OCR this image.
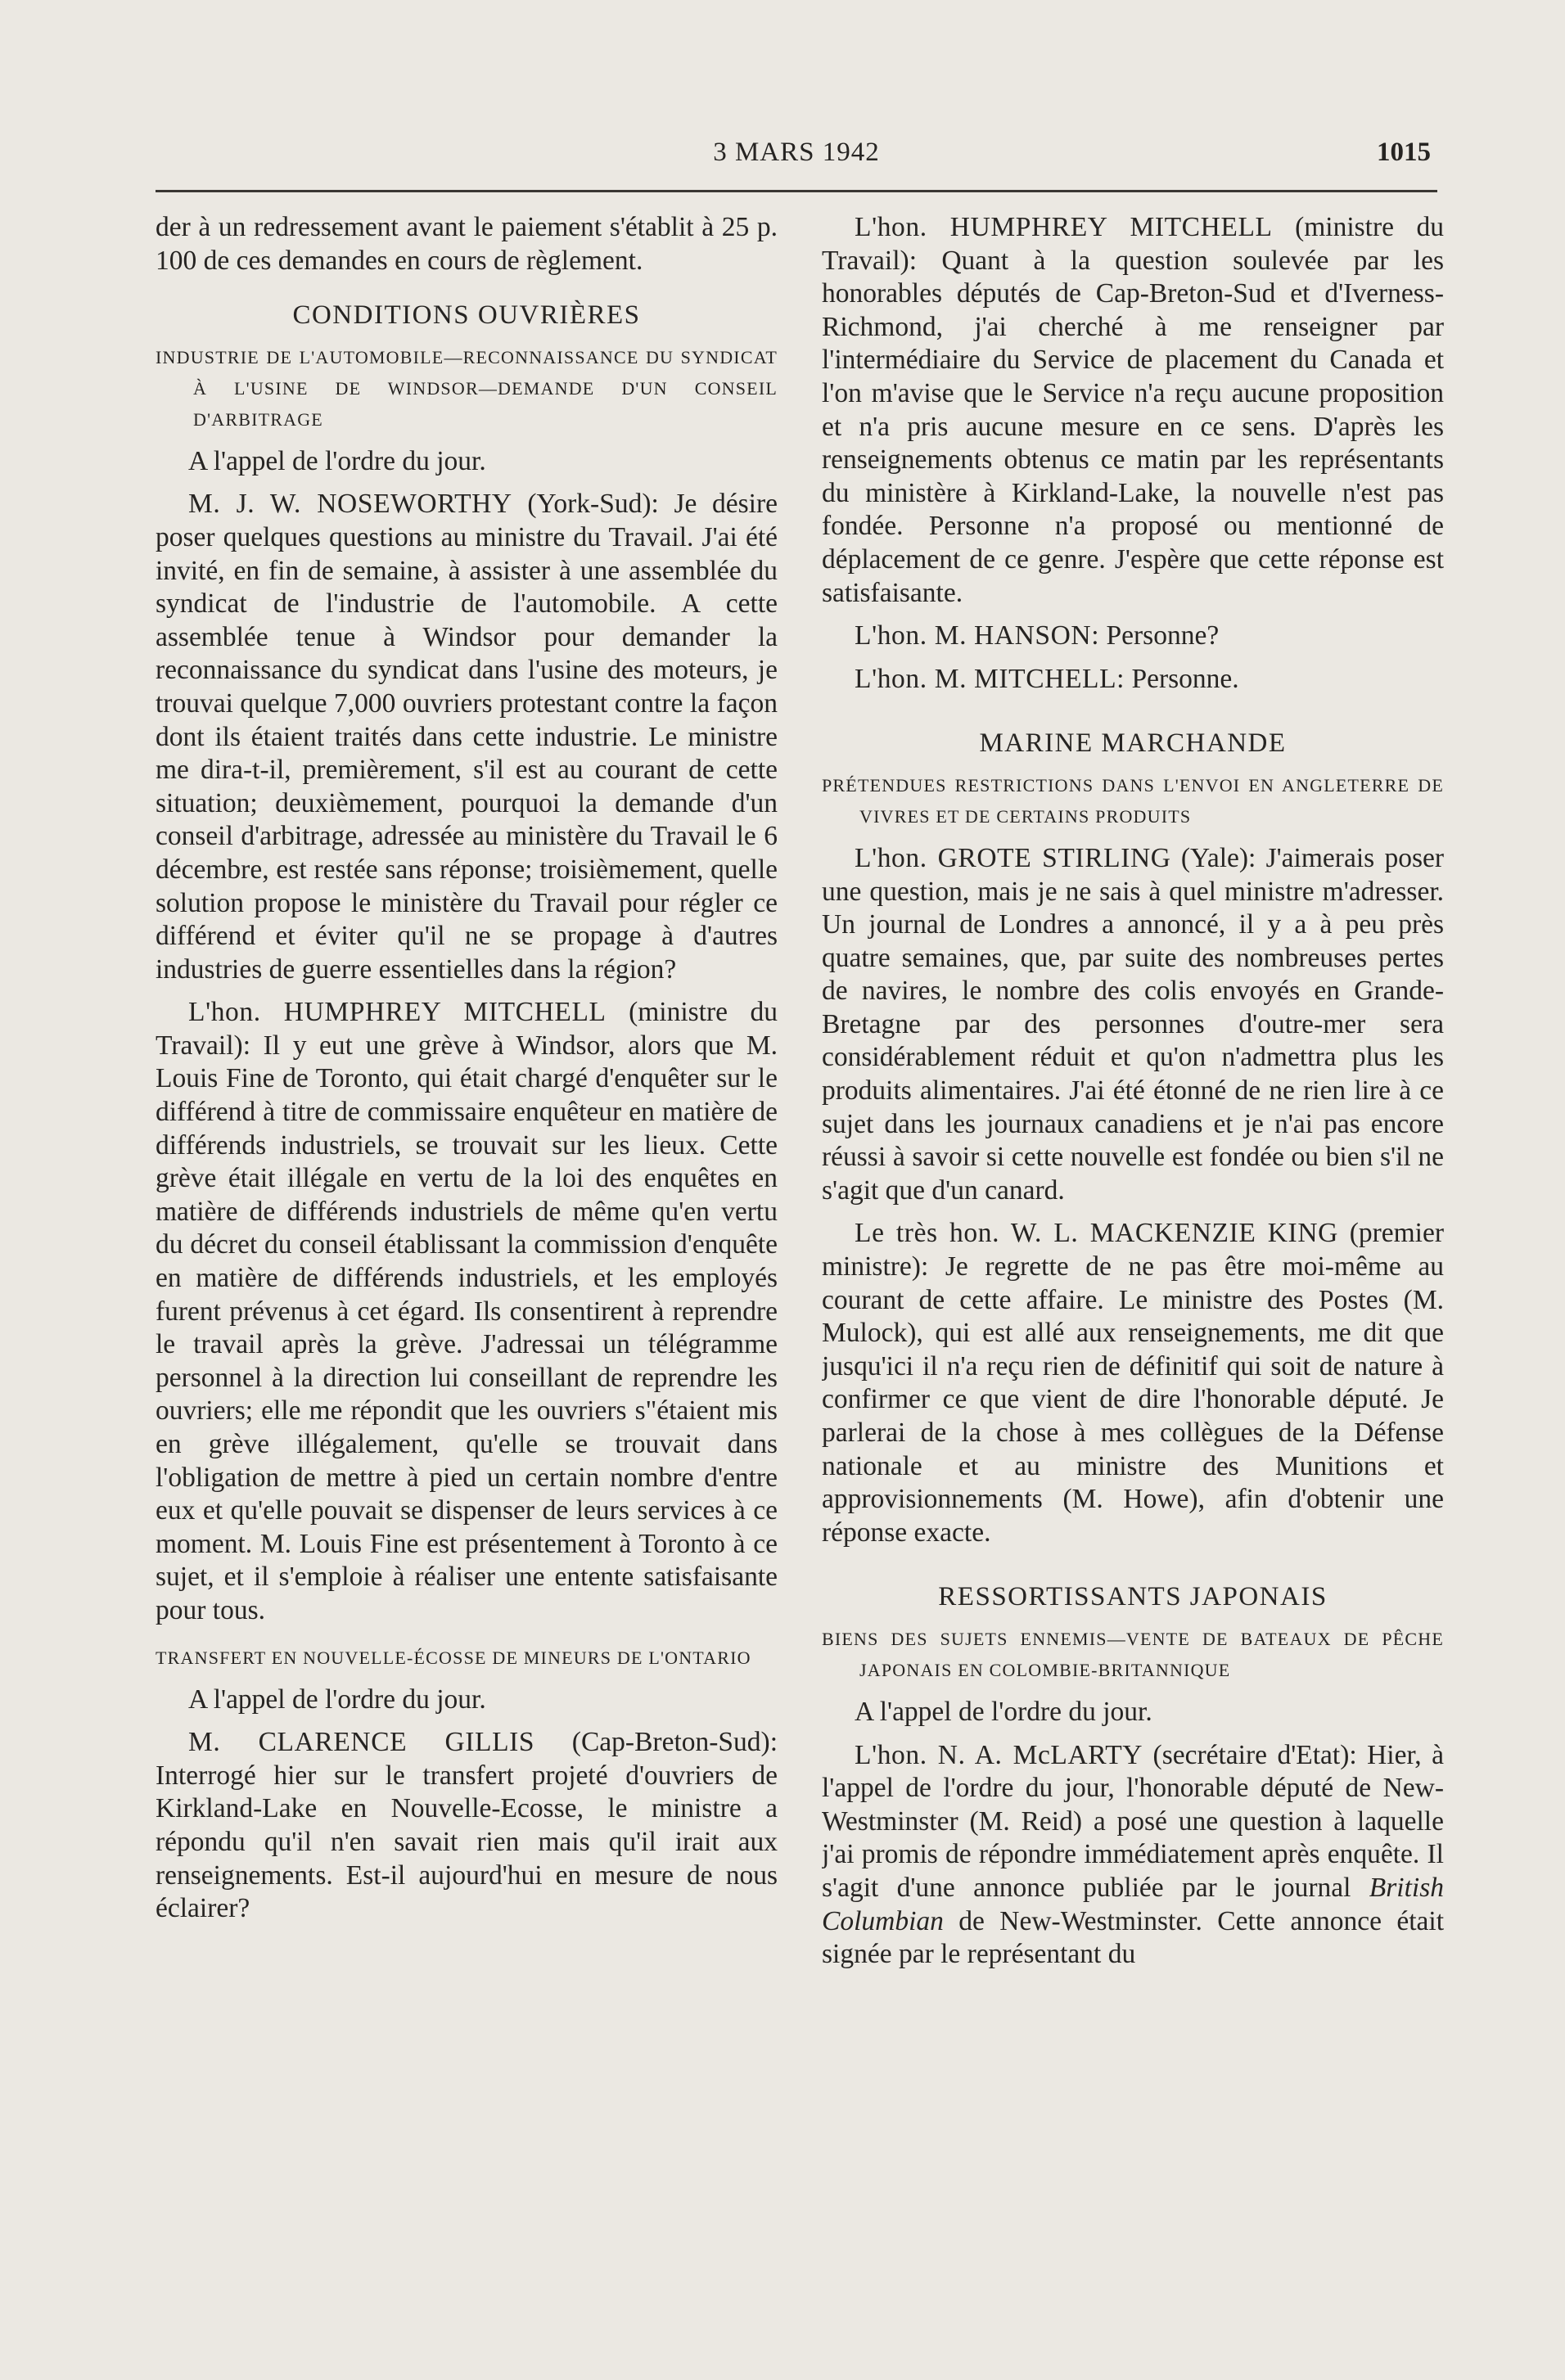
3 MARS 1942	1015

der à un redressement avant le paiement s'établit à 25 p. 100 de ces demandes en cours de règlement.

CONDITIONS OUVRIÈRES
INDUSTRIE DE L'AUTOMOBILE—RECONNAISSANCE DU SYNDICAT À L'USINE DE WINDSOR—DEMANDE D'UN CONSEIL D'ARBITRAGE

A l'appel de l'ordre du jour.

M. J. W. NOSEWORTHY (York-Sud): Je désire poser quelques questions au ministre du Travail. J'ai été invité, en fin de semaine, à assister à une assemblée du syndicat de l'industrie de l'automobile. A cette assemblée tenue à Windsor pour demander la reconnaissance du syndicat dans l'usine des moteurs, je trouvai quelque 7,000 ouvriers protestant contre la façon dont ils étaient traités dans cette industrie. Le ministre me dira-t-il, premièrement, s'il est au courant de cette situation; deuxièmement, pourquoi la demande d'un conseil d'arbitrage, adressée au ministère du Travail le 6 décembre, est restée sans réponse; troisièmement, quelle solution propose le ministère du Travail pour régler ce différend et éviter qu'il ne se propage à d'autres industries de guerre essentielles dans la région?

L'hon. HUMPHREY MITCHELL (ministre du Travail): Il y eut une grève à Windsor, alors que M. Louis Fine de Toronto, qui était chargé d'enquêter sur le différend à titre de commissaire enquêteur en matière de différends industriels, se trouvait sur les lieux. Cette grève était illégale en vertu de la loi des enquêtes en matière de différends industriels de même qu'en vertu du décret du conseil établissant la commission d'enquête en matière de différends industriels, et les employés furent prévenus à cet égard. Ils consentirent à reprendre le travail après la grève. J'adressai un télégramme personnel à la direction lui conseillant de reprendre les ouvriers; elle me répondit que les ouvriers s"étaient mis en grève illégalement, qu'elle se trouvait dans l'obligation de mettre à pied un certain nombre d'entre eux et qu'elle pouvait se dispenser de leurs services à ce moment. M. Louis Fine est présentement à Toronto à ce sujet, et il s'emploie à réaliser une entente satisfaisante pour tous.

TRANSFERT EN NOUVELLE-ÉCOSSE DE MINEURS DE L'ONTARIO

A l'appel de l'ordre du jour.

M. CLARENCE GILLIS (Cap-Breton-Sud): Interrogé hier sur le transfert projeté d'ouvriers de Kirkland-Lake en Nouvelle-Ecosse, le ministre a répondu qu'il n'en savait rien mais qu'il irait aux renseignements. Est-il aujourd'hui en mesure de nous éclairer?

L'hon. HUMPHREY MITCHELL (ministre du Travail): Quant à la question soulevée par les honorables députés de Cap-Breton-Sud et d'Iverness-Richmond, j'ai cherché à me renseigner par l'intermédiaire du Service de placement du Canada et l'on m'avise que le Service n'a reçu aucune proposition et n'a pris aucune mesure en ce sens. D'après les renseignements obtenus ce matin par les représentants du ministère à Kirkland-Lake, la nouvelle n'est pas fondée. Personne n'a proposé ou mentionné de déplacement de ce genre. J'espère que cette réponse est satisfaisante.

L'hon. M. HANSON: Personne?

L'hon. M. MITCHELL: Personne.

MARINE MARCHANDE
PRÉTENDUES RESTRICTIONS DANS L'ENVOI EN ANGLETERRE DE VIVRES ET DE CERTAINS PRODUITS

L'hon. GROTE STIRLING (Yale): J'aimerais poser une question, mais je ne sais à quel ministre m'adresser. Un journal de Londres a annoncé, il y a à peu près quatre semaines, que, par suite des nombreuses pertes de navires, le nombre des colis envoyés en Grande-Bretagne par des personnes d'outre-mer sera considérablement réduit et qu'on n'admettra plus les produits alimentaires. J'ai été étonné de ne rien lire à ce sujet dans les journaux canadiens et je n'ai pas encore réussi à savoir si cette nouvelle est fondée ou bien s'il ne s'agit que d'un canard.

Le très hon. W. L. MACKENZIE KING (premier ministre): Je regrette de ne pas être moi-même au courant de cette affaire. Le ministre des Postes (M. Mulock), qui est allé aux renseignements, me dit que jusqu'ici il n'a reçu rien de définitif qui soit de nature à confirmer ce que vient de dire l'honorable député. Je parlerai de la chose à mes collègues de la Défense nationale et au ministre des Munitions et approvisionnements (M. Howe), afin d'obtenir une réponse exacte.

RESSORTISSANTS JAPONAIS
BIENS DES SUJETS ENNEMIS—VENTE DE BATEAUX DE PÊCHE JAPONAIS EN COLOMBIE-BRITANNIQUE

A l'appel de l'ordre du jour.

L'hon. N. A. McLARTY (secrétaire d'Etat): Hier, à l'appel de l'ordre du jour, l'honorable député de New-Westminster (M. Reid) a posé une question à laquelle j'ai promis de répondre immédiatement après enquête. Il s'agit d'une annonce publiée par le journal British Columbian de New-Westminster. Cette annonce était signée par le représentant du
